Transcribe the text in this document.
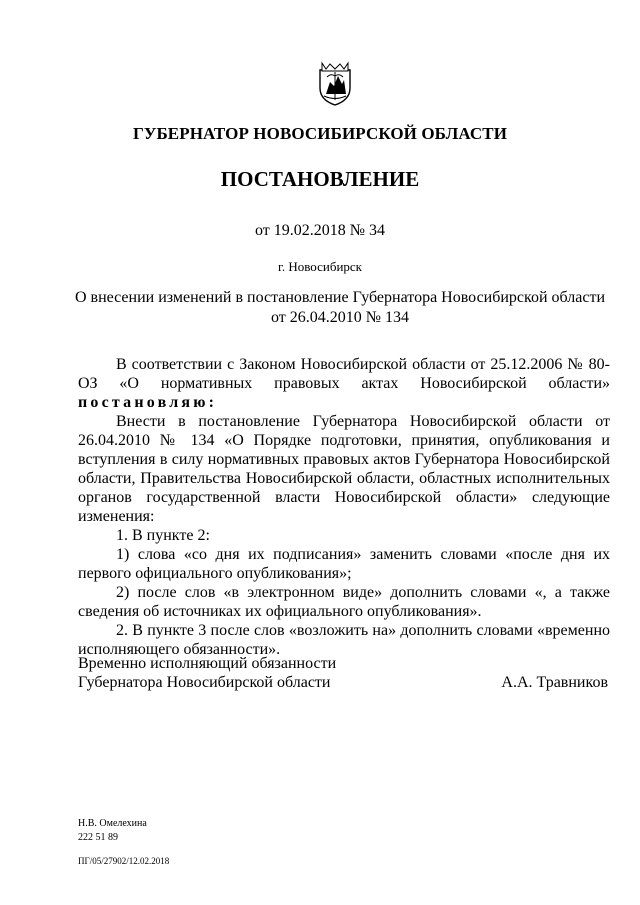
ГУБЕРНАТОР НОВОСИБИРСКОЙ ОБЛАСТИ
ПОСТАНОВЛЕНИЕ
от 19.02.2018 № 34
г. Новосибирск
О внесении изменений в постановление Губернатора Новосибирской области
от 26.04.2010 № 134

В соответствии с Законом Новосибирской области от 25.12.2006 № 80-ОЗ «О нормативных правовых актах Новосибирской области» постановляю:

Внести в постановление Губернатора Новосибирской области от 26.04.2010 № 134 «О Порядке подготовки, принятия, опубликования и вступления в силу нормативных правовых актов Губернатора Новосибирской области, Правительства Новосибирской области, областных исполнительных органов государственной власти Новосибирской области» следующие изменения:

1. В пункте 2:

1) слова «со дня их подписания» заменить словами «после дня их первого официального опубликования»;

2) после слов «в электронном виде» дополнить словами «, а также сведения об источниках их официального опубликования».

2. В пункте 3 после слов «возложить на» дополнить словами «временно исполняющего обязанности».

Временно исполняющий обязанности
Губернатора Новосибирской области	А.А. Травников
Н.В. Омелехина
222 51 89
ПГ/05/27902/12.02.2018
